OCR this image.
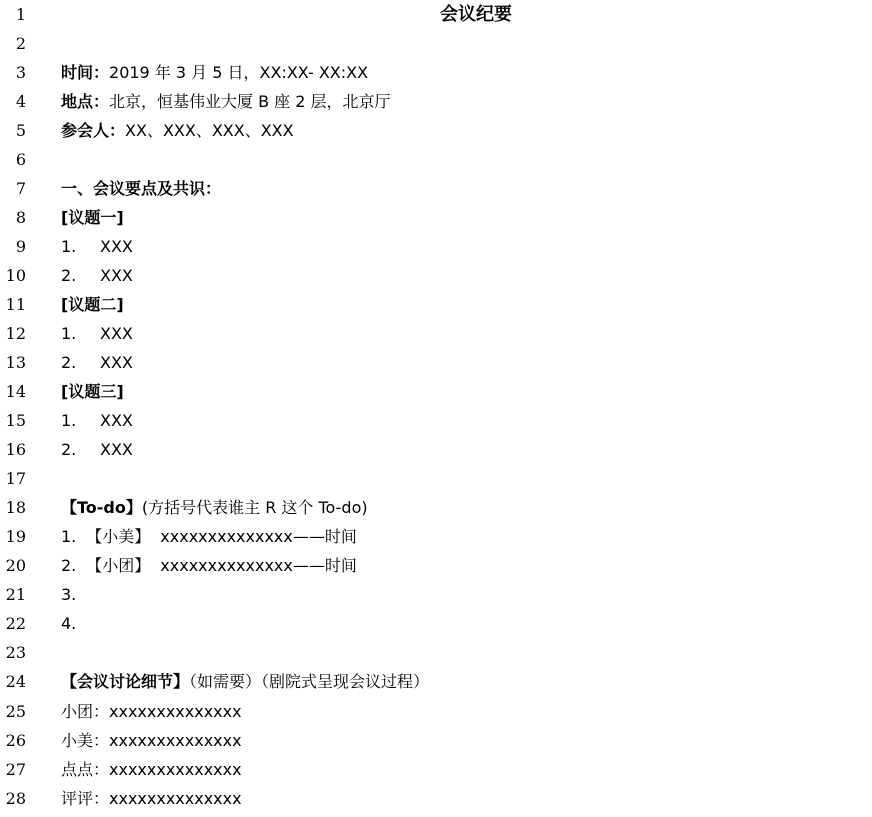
1	会议纪要
2
3 时间：2019 年 3 月 5 日，XX:XX- XX:XX
4 地点：北京，恒基伟业大厦 B 座 2 层，北京厅
5 参会人：XX、XXX、XXX、XXX
6
7 一、会议要点及共识：
8 [议题一]
9 1. XXX
10 2. XXX
11 [议题二]
12 1. XXX
13 2. XXX
14 [议题三]
15 1. XXX
16 2. XXX
17
18 【To-do】(方括号代表谁主 R 这个 To-do)
19 1. 【小美】 xxxxxxxxxxxxxx——时间
20 2. 【小团】 xxxxxxxxxxxxxx——时间
21 3.
22 4.
23
24 【会议讨论细节】（如需要）（剧院式呈现会议过程）
25 小团：xxxxxxxxxxxxxx
26 小美：xxxxxxxxxxxxxx
27 点点：xxxxxxxxxxxxxx
28 评评：xxxxxxxxxxxxxx
